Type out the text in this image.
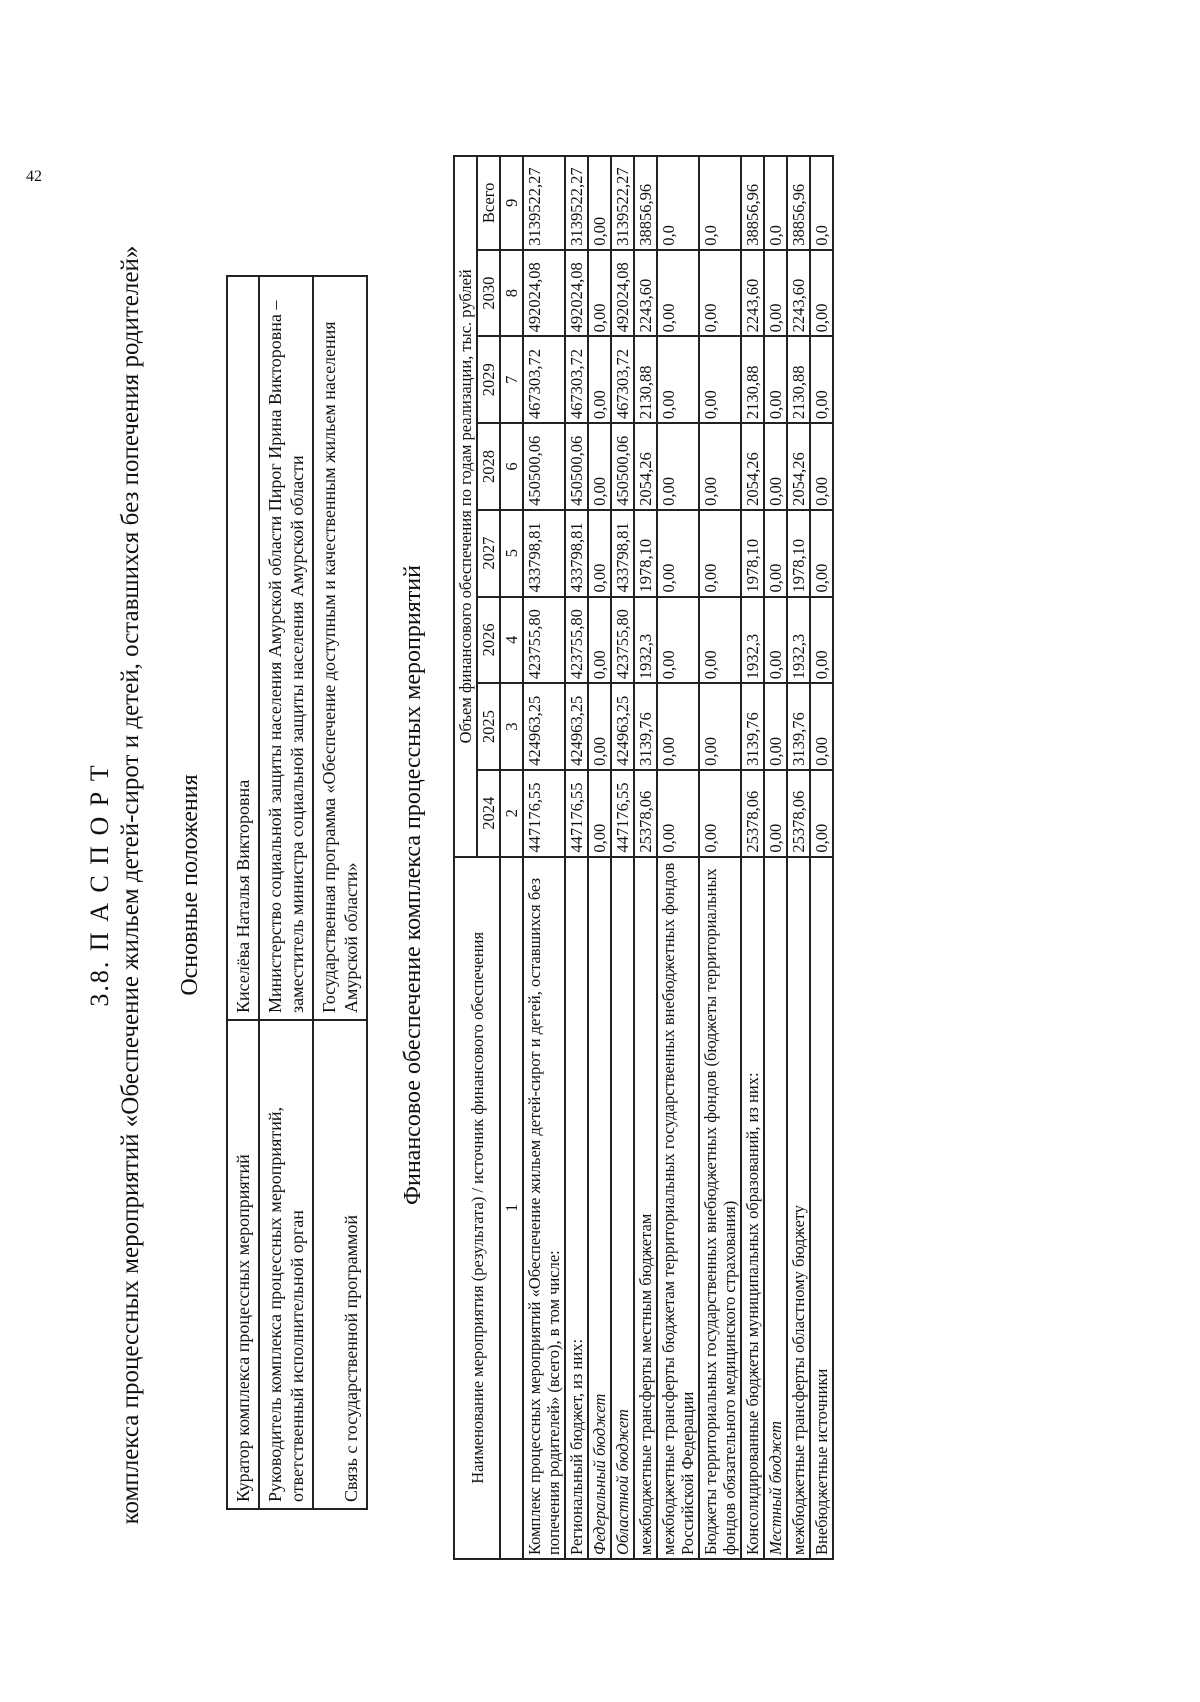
42

3.8. П А С П О Р Т комплекса процессных мероприятий «Обеспечение жильем детей-сирот и детей, оставшихся без попечения родителей» Основные положения

Куратор комплекса процессных мероприятий	Киселёва Наталья Викторовна
Руководитель комплекса процессных мероприятий, ответственный исполнительной орган	Министерство социальной защиты населения Амурской области Пирог Ирина Викторовна – заместитель министра социальной защиты населения Амурской области
Связь с государственной программой	Государственная программа «Обеспечение доступным и качественным жильем населения Амурской области» Финансовое обеспечение комплекса процессных мероприятий

Наименование мероприятия (результата) / источник финансового обеспечения	Объем финансового обеспечения по годам реализации, тыс. рублей							
	2024	2025	2026	2027	2028	2029	2030	Всего
1	2	3	4	5	6	7	8	9
Комплекс процессных мероприятий «Обеспечение жильем детей-сирот и детей, оставшихся без попечения родителей» (всего), в том числе:	447176,55	424963,25	423755,80	433798,81	450500,06	467303,72	492024,08	3139522,27
Региональный бюджет, из них:	447176,55	424963,25	423755,80	433798,81	450500,06	467303,72	492024,08	3139522,27
Федеральный бюджет	0,00	0,00	0,00	0,00	0,00	0,00	0,00	0,00
Областной бюджет	447176,55	424963,25	423755,80	433798,81	450500,06	467303,72	492024,08	3139522,27
межбюджетные трансферты местным бюджетам	25378,06	3139,76	1932,3	1978,10	2054,26	2130,88	2243,60	38856,96
межбюджетные трансферты бюджетам территориальных государственных внебюджетных фондов Российской Федерации	0,00	0,00	0,00	0,00	0,00	0,00	0,00	0,0
Бюджеты территориальных государственных внебюджетных фондов (бюджеты территориальных фондов обязательного медицинского страхования)	0,00	0,00	0,00	0,00	0,00	0,00	0,00	0,0
Консолидированные бюджеты муниципальных образований, из них:	25378,06	3139,76	1932,3	1978,10	2054,26	2130,88	2243,60	38856,96
Местный бюджет	0,00	0,00	0,00	0,00	0,00	0,00	0,00	0,0
межбюджетные трансферты областному бюджету	25378,06	3139,76	1932,3	1978,10	2054,26	2130,88	2243,60	38856,96
Внебюджетные источники	0,00	0,00	0,00	0,00	0,00	0,00	0,00	0,0
